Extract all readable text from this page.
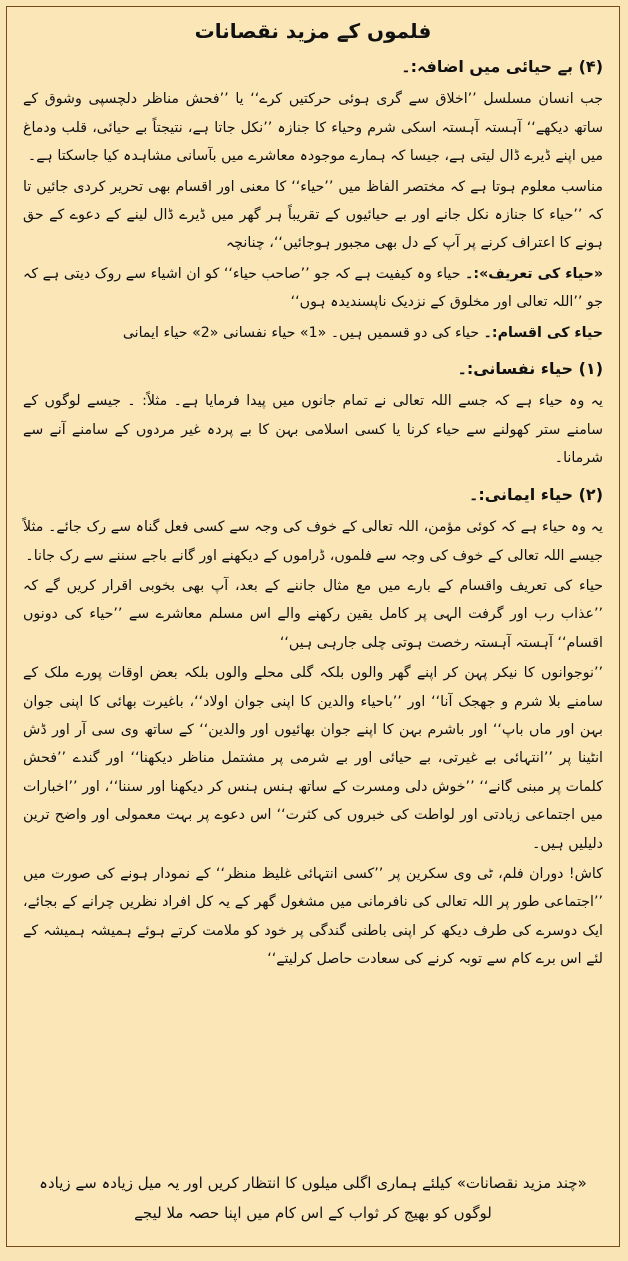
فلموں کے مزید نقصانات
(۴) بے حیائی میں اضافہ:۔

جب انسان مسلسل ’’اخلاق سے گری ہوئی حرکتیں کرے‘‘ یا ’’فحش مناظر دلچسپی وشوق کے ساتھ دیکھے‘‘ آہستہ آہستہ اسکی شرم وحیاء کا جنازہ ’’نکل جاتا ہے، نتیجتاً بے حیائی، قلب ودماغ میں اپنے ڈیرے ڈال لیتی ہے، جیسا کہ ہمارے موجودہ معاشرے میں بآسانی مشاہدہ کیا جاسکتا ہے۔

مناسب معلوم ہوتا ہے کہ مختصر الفاظ میں ’’حیاء‘‘ کا معنی اور اقسام بھی تحریر کردی جائیں تا کہ ’’حیاء کا جنازہ نکل جانے اور بے حیائیوں کے تقریباً ہر گھر میں ڈیرے ڈال لینے کے دعوے کے حق ہونے کا اعتراف کرنے پر آپ کے دل بھی مجبور ہوجائیں‘‘، چنانچہ

«حیاء کی تعریف»:۔ حیاء وہ کیفیت ہے کہ جو ’’صاحب حیاء‘‘ کو ان اشیاء سے روک دیتی ہے کہ جو ’’اللہ تعالی اور مخلوق کے نزدیک ناپسندیدہ ہوں‘‘

حیاء کی اقسام:۔ حیاء کی دو قسمیں ہیں۔ «1» حیاء نفسانی «2» حیاء ایمانی

(۱) حیاء نفسانی:۔

یہ وہ حیاء ہے کہ جسے اللہ تعالی نے تمام جانوں میں پیدا فرمایا ہے۔ مثلاً: ۔ جیسے لوگوں کے سامنے ستر کھولنے سے حیاء کرنا یا کسی اسلامی بہن کا بے پردہ غیر مردوں کے سامنے آنے سے شرمانا۔

(۲) حیاء ایمانی:۔

یہ وہ حیاء ہے کہ کوئی مؤمن، اللہ تعالی کے خوف کی وجہ سے کسی فعل گناہ سے رک جائے۔ مثلاً جیسے اللہ تعالی کے خوف کی وجہ سے فلموں، ڈراموں کے دیکھنے اور گانے باجے سننے سے رک جانا۔

حیاء کی تعریف واقسام کے بارے میں مع مثال جاننے کے بعد، آپ بھی بخوبی اقرار کریں گے کہ ’’عذاب رب اور گرفت الہی پر کامل یقین رکھنے والے اس مسلم معاشرے سے ’’حیاء کی دونوں اقسام‘‘ آہستہ آہستہ رخصت ہوتی چلی جارہی ہیں‘‘

’’نوجوانوں کا نیکر پہن کر اپنے گھر والوں بلکہ گلی محلے والوں بلکہ بعض اوقات پورے ملک کے سامنے بلا شرم و جھجک آنا‘‘ اور ’’باحیاء والدین کا اپنی جوان اولاد‘‘، باغیرت بھائی کا اپنی جوان بہن اور ماں باپ‘‘ اور باشرم بہن کا اپنے جوان بھائیوں اور والدین‘‘ کے ساتھ وی سی آر اور ڈش انٹینا پر ’’انتہائی بے غیرتی، بے حیائی اور بے شرمی پر مشتمل مناظر دیکھنا‘‘ اور گندے ’’فحش کلمات پر مبنی گانے‘‘ ’’خوش دلی ومسرت کے ساتھ ہنس ہنس کر دیکھنا اور سننا‘‘، اور ’’اخبارات میں اجتماعی زیادتی اور لواطت کی خبروں کی کثرت‘‘ اس دعوے پر بہت معمولی اور واضح ترین دلیلیں ہیں۔

کاش! دوران فلم، ٹی وی سکرین پر ’’کسی انتہائی غلیظ منظر‘‘ کے نمودار ہونے کی صورت میں ’’اجتماعی طور پر اللہ تعالی کی نافرمانی میں مشغول گھر کے یہ کل افراد نظریں چرانے کے بجائے، ایک دوسرے کی طرف دیکھ کر اپنی باطنی گندگی پر خود کو ملامت کرتے ہوئے ہمیشہ ہمیشہ کے لئے اس برے کام سے توبہ کرنے کی سعادت حاصل کرلیتے‘‘

«چند مزید نقصانات» کیلئے ہماری اگلی میلوں کا انتظار کریں اور یہ میل زیادہ سے زیادہ لوگوں کو بھیج کر ثواب کے اس کام میں اپنا حصہ ملا لیجے
